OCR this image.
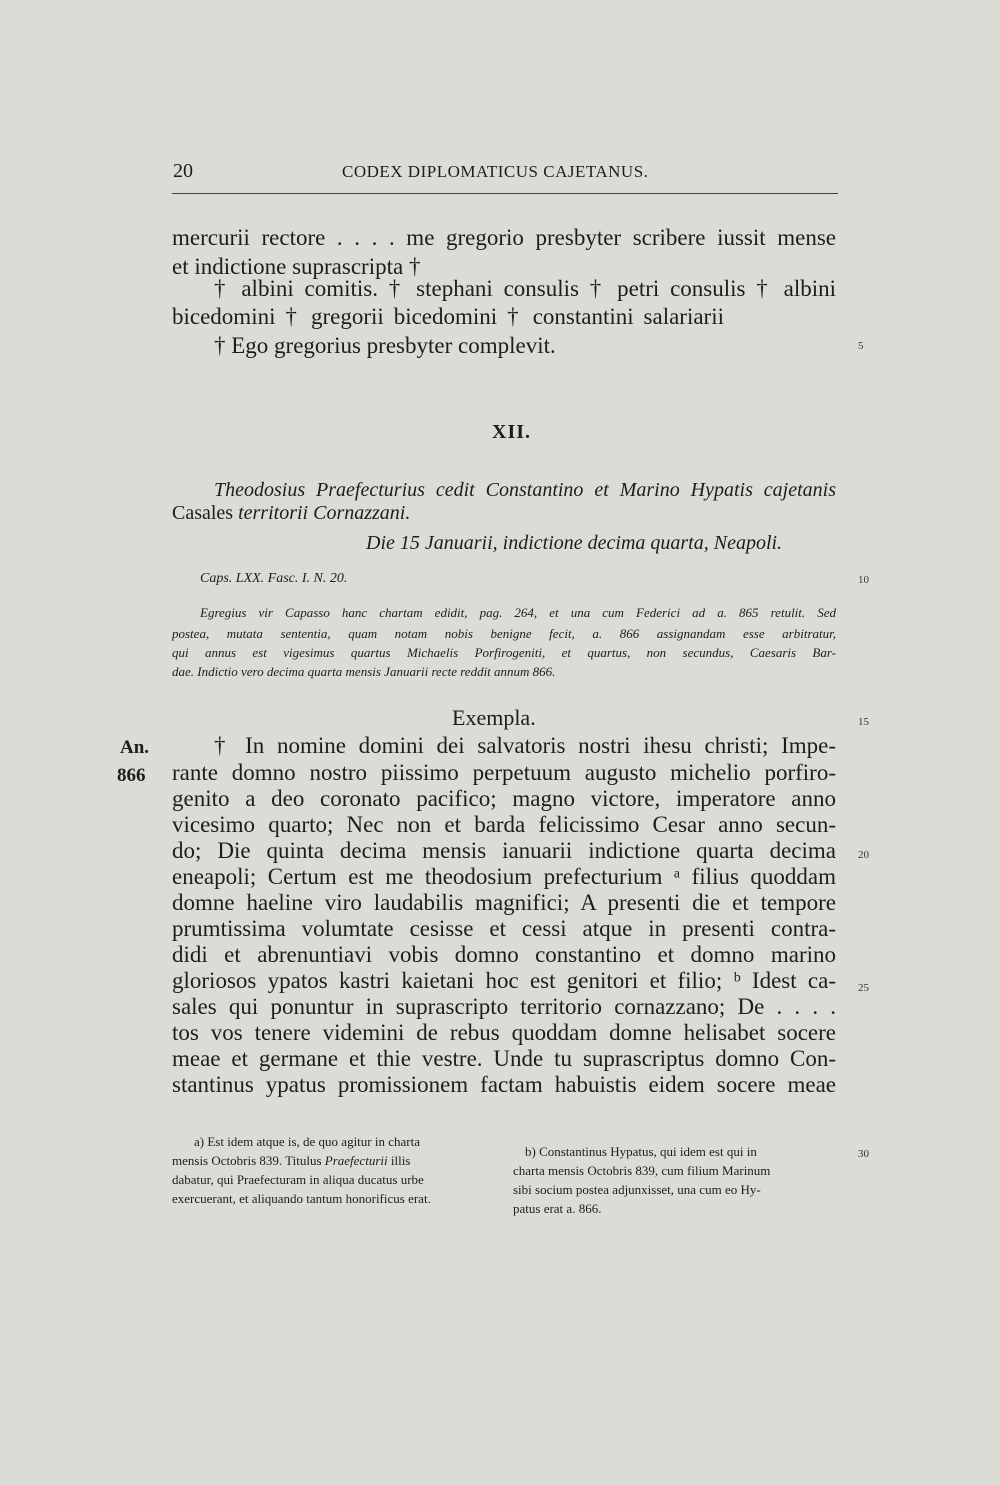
20	CODEX DIPLOMATICUS CAJETANUS.
mercurii rectore . . . . me gregorio presbyter scribere iussit mense
et indictione suprascripta †
† albini comitis. † stephani consulis † petri consulis † albini
bicedomini † gregorii bicedomini † constantini salariarii
† Ego gregorius presbyter complevit.
XII.
Theodosius Praefecturius cedit Constantino et Marino Hypatis cajetanis
Casales territorii Cornazzani.
Die 15 Januarii, indictione decima quarta, Neapoli.
Caps. LXX. Fasc. I. N. 20.
Egregius vir Capasso hanc chartam edidit, pag. 264, et una cum Federici ad a. 865 retulit. Sed
postea, mutata sententia, quam notam nobis benigne fecit, a. 866 assignandam esse arbitratur,
qui annus est vigesimus quartus Michaelis Porfirogeniti, et quartus, non secundus, Caesaris Bar-
dae. Indictio vero decima quarta mensis Januarii recte reddit annum 866.
Exempla.
An.
866
† In nomine domini dei salvatoris nostri ihesu christi; Impe-
rante domno nostro piissimo perpetuum augusto michelio porfiro-
genito a deo coronato pacifico; magno victore, imperatore anno
vicesimo quarto; Nec non et barda felicissimo Cesar anno secun-
do; Die quinta decima mensis ianuarii indictione quarta decima
eneapoli; Certum est me theodosium prefecturium ᵃ filius quoddam
domne haeline viro laudabilis magnifici; A presenti die et tempore
prumtissima volumtate cesisse et cessi atque in presenti contra-
didi et abrenuntiavi vobis domno constantino et domno marino
gloriosos ypatos kastri kaietani hoc est genitori et filio; ᵇ Idest ca-
sales qui ponuntur in suprascripto territorio cornazzano; De . . . .
tos vos tenere videmini de rebus quoddam domne helisabet socere
meae et germane et thie vestre. Unde tu suprascriptus domno Con-
stantinus ypatus promissionem factam habuistis eidem socere meae
a) Est idem atque is, de quo agitur in charta
mensis Octobris 839. Titulus Praefecturii illis
dabatur, qui Praefecturam in aliqua ducatus urbe
exercuerant, et aliquando tantum honorificus erat.
b) Constantinus Hypatus, qui idem est qui in
charta mensis Octobris 839, cum filium Marinum
sibi socium postea adjunxisset, una cum eo Hy-
patus erat a. 866.
5
10
15
20
25
30
